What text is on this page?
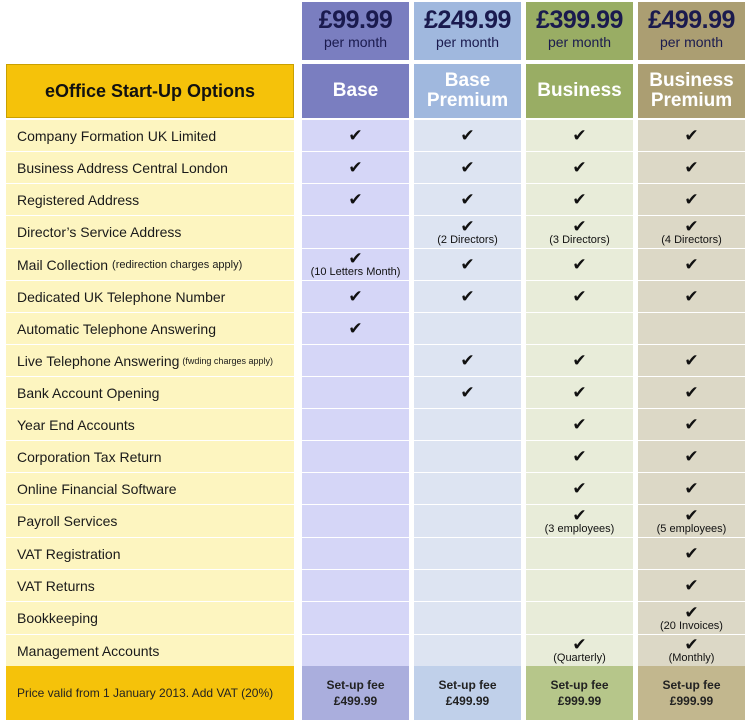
eOffice Start-Up Options
Company Formation UK Limited
Business Address Central London
Registered Address
Director’s Service Address
Mail Collection (redirection charges apply)
Dedicated UK Telephone Number
Automatic Telephone Answering
Live Telephone Answering (fwding charges apply)
Bank Account Opening
Year End Accounts
Corporation Tax Return
Online Financial Software
Payroll Services
VAT Registration
VAT Returns
Bookkeeping
Management Accounts
Price valid from 1 January 2013. Add VAT (20%)
£99.99
per month
Base
✔
✔
✔
✔
(10 Letters Month)
✔
✔
Set-up fee
£499.99
£249.99
per month
Base Premium
✔
✔
✔
✔
(2 Directors)
✔
✔
✔
✔
Set-up fee
£499.99
£399.99
per month
Business
✔
✔
✔
✔
(3 Directors)
✔
✔
✔
✔
✔
✔
✔
✔
(3 employees)
✔
(Quarterly)
Set-up fee
£999.99
£499.99
per month
Business Premium
✔
✔
✔
✔
(4 Directors)
✔
✔
✔
✔
✔
✔
✔
✔
(5 employees)
✔
✔
✔
(20 Invoices)
✔
(Monthly)
Set-up fee
£999.99
